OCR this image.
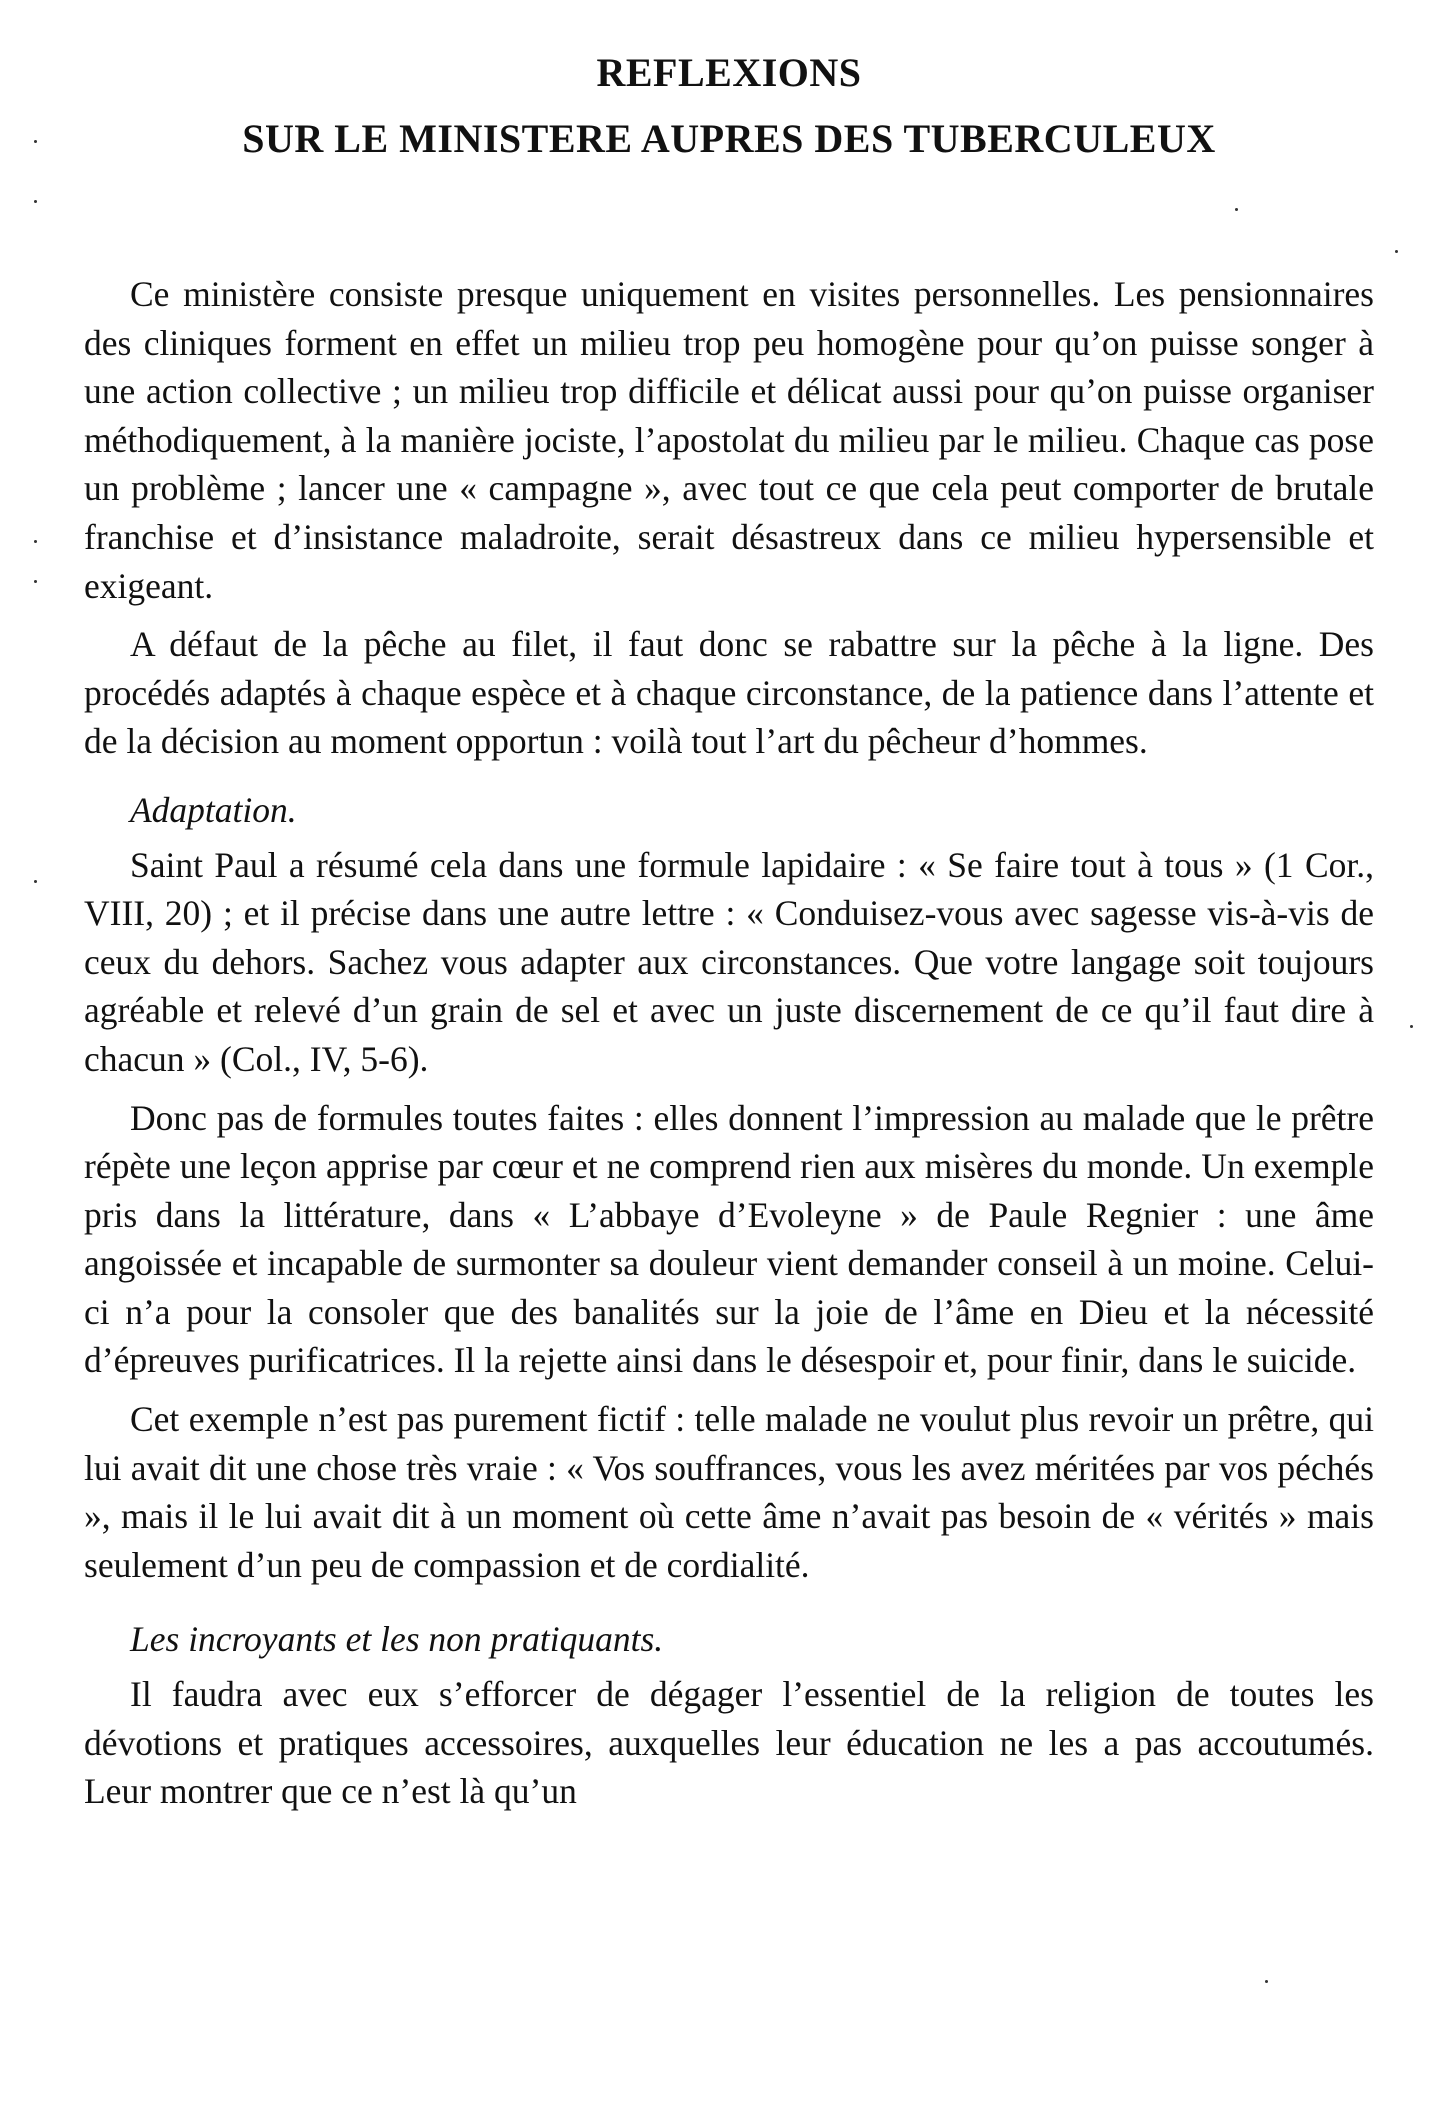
REFLEXIONS
SUR LE MINISTERE AUPRES DES TUBERCULEUX

Ce ministère consiste presque uniquement en visites personnelles. Les pensionnaires des cliniques forment en effet un milieu trop peu homogène pour qu’on puisse songer à une action collective ; un milieu trop difficile et délicat aussi pour qu’on puisse organiser méthodiquement, à la manière jociste, l’apostolat du milieu par le milieu. Chaque cas pose un problème ; lancer une « campagne », avec tout ce que cela peut comporter de brutale franchise et d’insistance maladroite, serait désastreux dans ce milieu hypersensible et exigeant.

A défaut de la pêche au filet, il faut donc se rabattre sur la pêche à la ligne. Des procédés adaptés à chaque espèce et à chaque circonstance, de la patience dans l’attente et de la décision au moment opportun : voilà tout l’art du pêcheur d’hommes.

Adaptation.

Saint Paul a résumé cela dans une formule lapidaire : « Se faire tout à tous » (1 Cor., VIII, 20) ; et il précise dans une autre lettre : « Conduisez-vous avec sagesse vis-à-vis de ceux du dehors. Sachez vous adapter aux circonstances. Que votre langage soit toujours agréable et relevé d’un grain de sel et avec un juste discernement de ce qu’il faut dire à chacun » (Col., IV, 5-6).

Donc pas de formules toutes faites : elles donnent l’impression au malade que le prêtre répète une leçon apprise par cœur et ne comprend rien aux misères du monde. Un exemple pris dans la littérature, dans « L’abbaye d’Evoleyne » de Paule Regnier : une âme angoissée et incapable de surmonter sa douleur vient demander conseil à un moine. Celui-ci n’a pour la consoler que des banalités sur la joie de l’âme en Dieu et la nécessité d’épreuves purificatrices. Il la rejette ainsi dans le désespoir et, pour finir, dans le suicide.

Cet exemple n’est pas purement fictif : telle malade ne voulut plus revoir un prêtre, qui lui avait dit une chose très vraie : « Vos souffrances, vous les avez méritées par vos péchés », mais il le lui avait dit à un moment où cette âme n’avait pas besoin de « vérités » mais seulement d’un peu de compassion et de cordialité.

Les incroyants et les non pratiquants.

Il faudra avec eux s’efforcer de dégager l’essentiel de la religion de toutes les dévotions et pratiques accessoires, auxquelles leur éducation ne les a pas accoutumés. Leur montrer que ce n’est là qu’un
